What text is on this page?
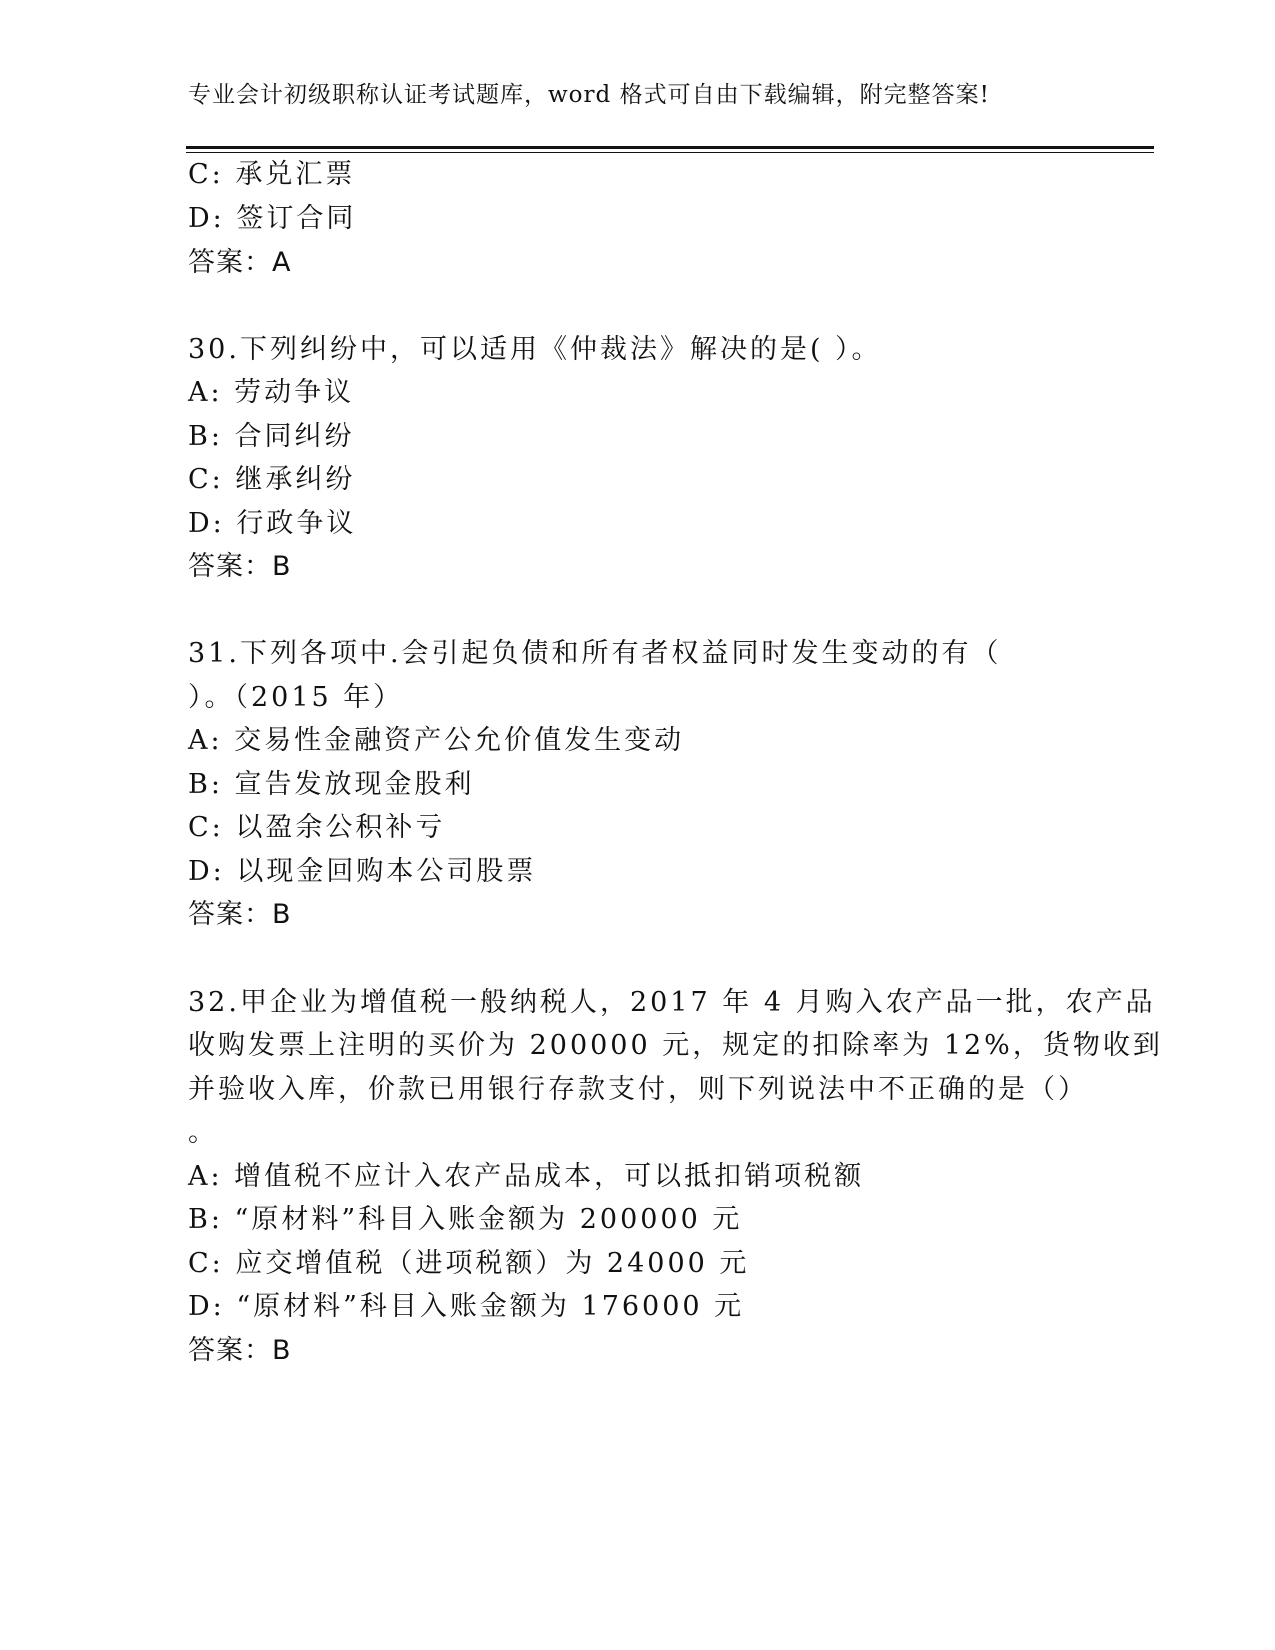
专业会计初级职称认证考试题库，word 格式可自由下载编辑，附完整答案!
C: 承兑汇票
D: 签订合同
答案：A
30.下列纠纷中，可以适用《仲裁法》解决的是( ）。
A: 劳动争议
B: 合同纠纷
C: 继承纠纷
D: 行政争议
答案：B
31.下列各项中.会引起负债和所有者权益同时发生变动的有（
）。（2015 年）
A: 交易性金融资产公允价值发生变动
B: 宣告发放现金股利
C: 以盈余公积补亏
D: 以现金回购本公司股票
答案：B
32.甲企业为增值税一般纳税人，2017 年 4 月购入农产品一批，农产品
收购发票上注明的买价为 200000 元，规定的扣除率为 12%，货物收到
并验收入库，价款已用银行存款支付，则下列说法中不正确的是（）
。
A: 增值税不应计入农产品成本，可以抵扣销项税额
B: “原材料”科目入账金额为 200000 元
C: 应交增值税（进项税额）为 24000 元
D: “原材料”科目入账金额为 176000 元
答案：B
